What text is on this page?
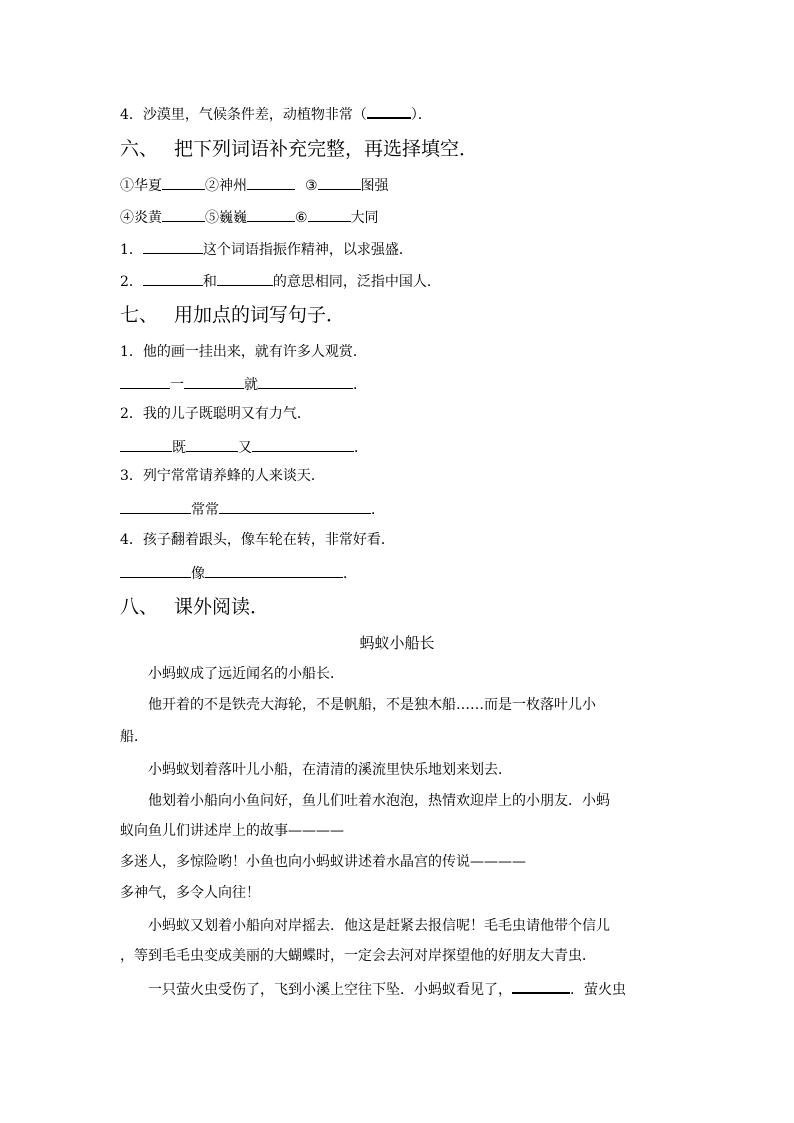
4．沙漠里，气候条件差，动植物非常（	）．
六、 把下列词语补充完整，再选择填空．
①华夏	②神州	③	图强
④炎黄	⑤巍巍	⑥	大同
1．	这个词语指振作精神，以求强盛．
2．	和	的意思相同，泛指中国人．
七、 用加点的词写句子．
1．他的画一挂出来，就有许多人观赏．
一	就	．
2．我的儿子既聪明又有力气．
既	又	．
3．列宁常常请养蜂的人来谈天．
常常	．
4．孩子翻着跟头，像车轮在转，非常好看．
像	．
八、 课外阅读．
蚂蚁小船长
小蚂蚁成了远近闻名的小船长．
他开着的不是铁壳大海轮，不是帆船，不是独木船……而是一枚落叶儿小
船．
小蚂蚁划着落叶儿小船，在清清的溪流里快乐地划来划去．
他划着小船向小鱼问好，鱼儿们吐着水泡泡，热情欢迎岸上的小朋友．小蚂
蚁向鱼儿们讲述岸上的故事————
多迷人，多惊险哟！小鱼也向小蚂蚁讲述着水晶宫的传说————
多神气，多令人向往！
小蚂蚁又划着小船向对岸摇去．他这是赶紧去报信呢！毛毛虫请他带个信儿
，等到毛毛虫变成美丽的大蝴蝶时，一定会去河对岸探望他的好朋友大青虫．
一只萤火虫受伤了，飞到小溪上空往下坠．小蚂蚁看见了，	．萤火虫
